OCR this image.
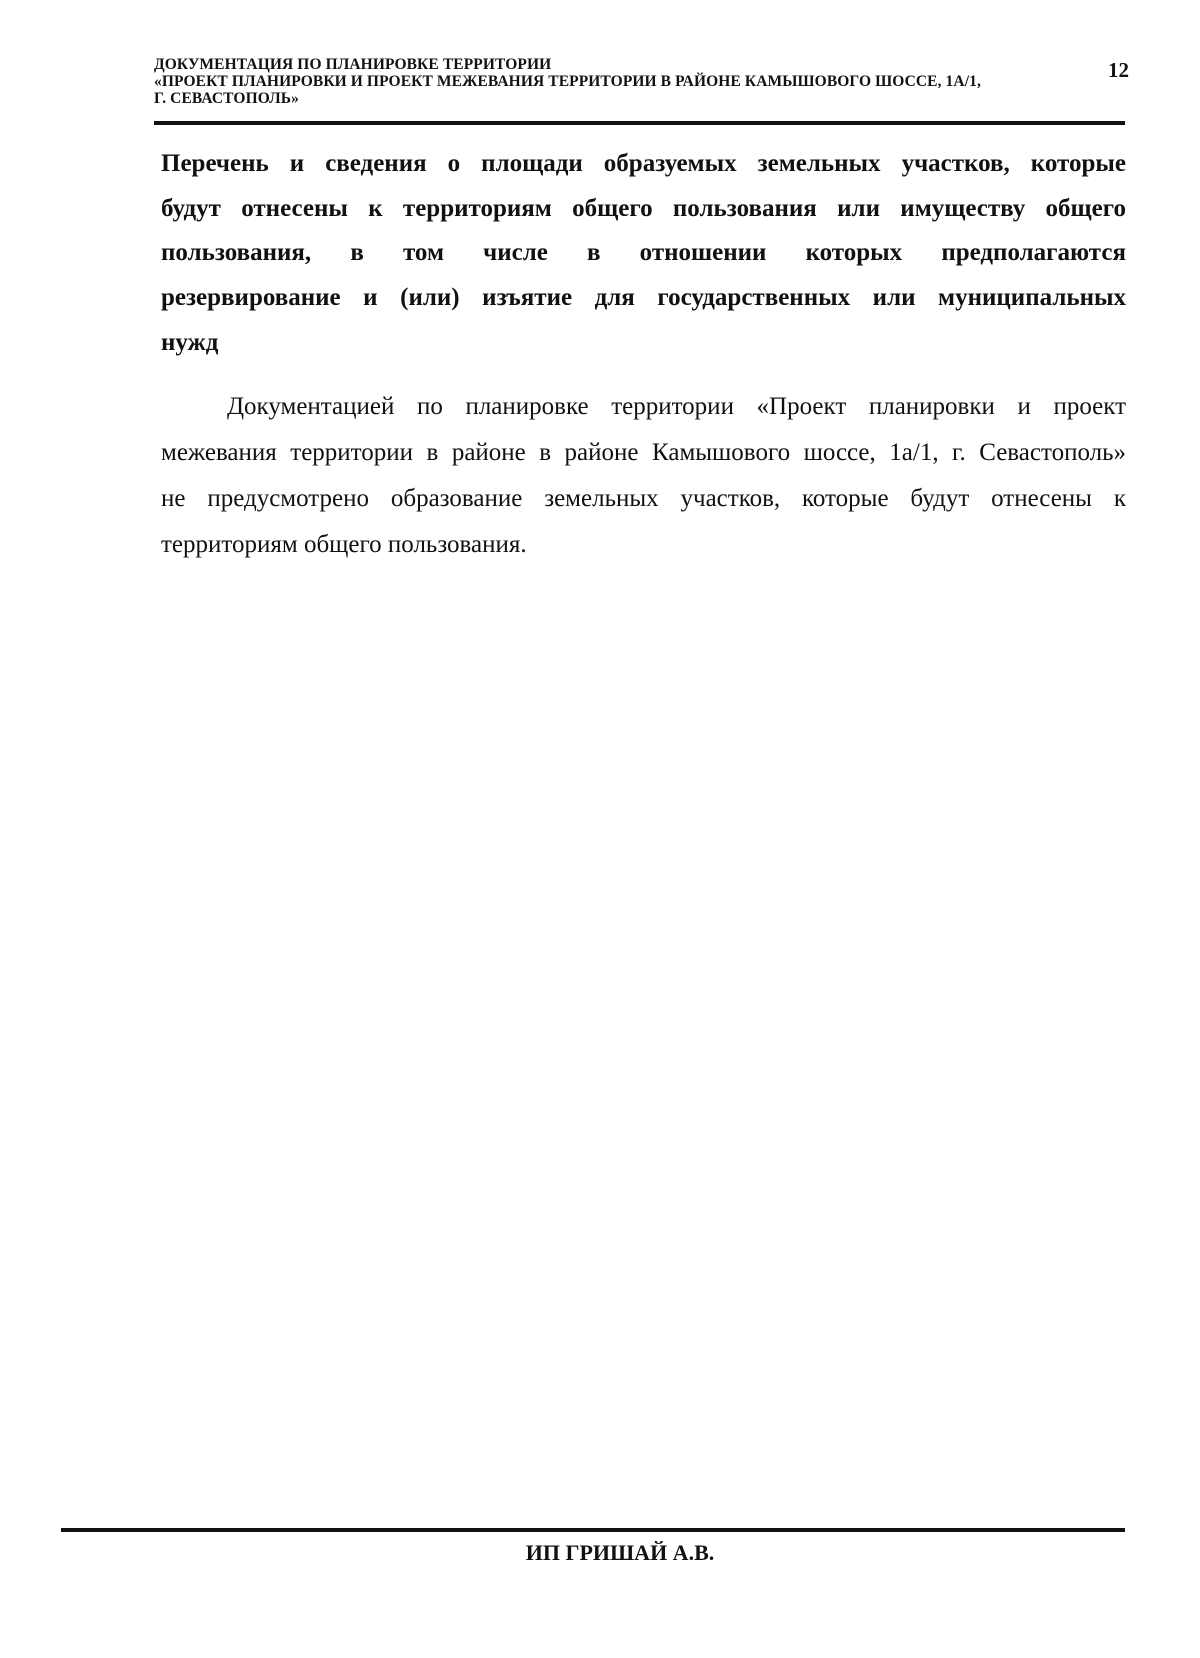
ДОКУМЕНТАЦИЯ ПО ПЛАНИРОВКЕ ТЕРРИТОРИИ
«ПРОЕКТ ПЛАНИРОВКИ И ПРОЕКТ МЕЖЕВАНИЯ ТЕРРИТОРИИ В РАЙОНЕ КАМЫШОВОГО ШОССЕ, 1А/1,
Г. СЕВАСТОПОЛЬ»
12
Перечень и сведения о площади образуемых земельных участков, которые
будут отнесены к территориям общего пользования или имуществу общего
пользования, в том числе в отношении которых предполагаются
резервирование и (или) изъятие для государственных или муниципальных
нужд
Документацией по планировке территории «Проект планировки и проект
межевания территории в районе в районе Камышового шоссе, 1а/1, г. Севастополь»
не предусмотрено образование земельных участков, которые будут отнесены к
территориям общего пользования.
ИП ГРИШАЙ А.В.
